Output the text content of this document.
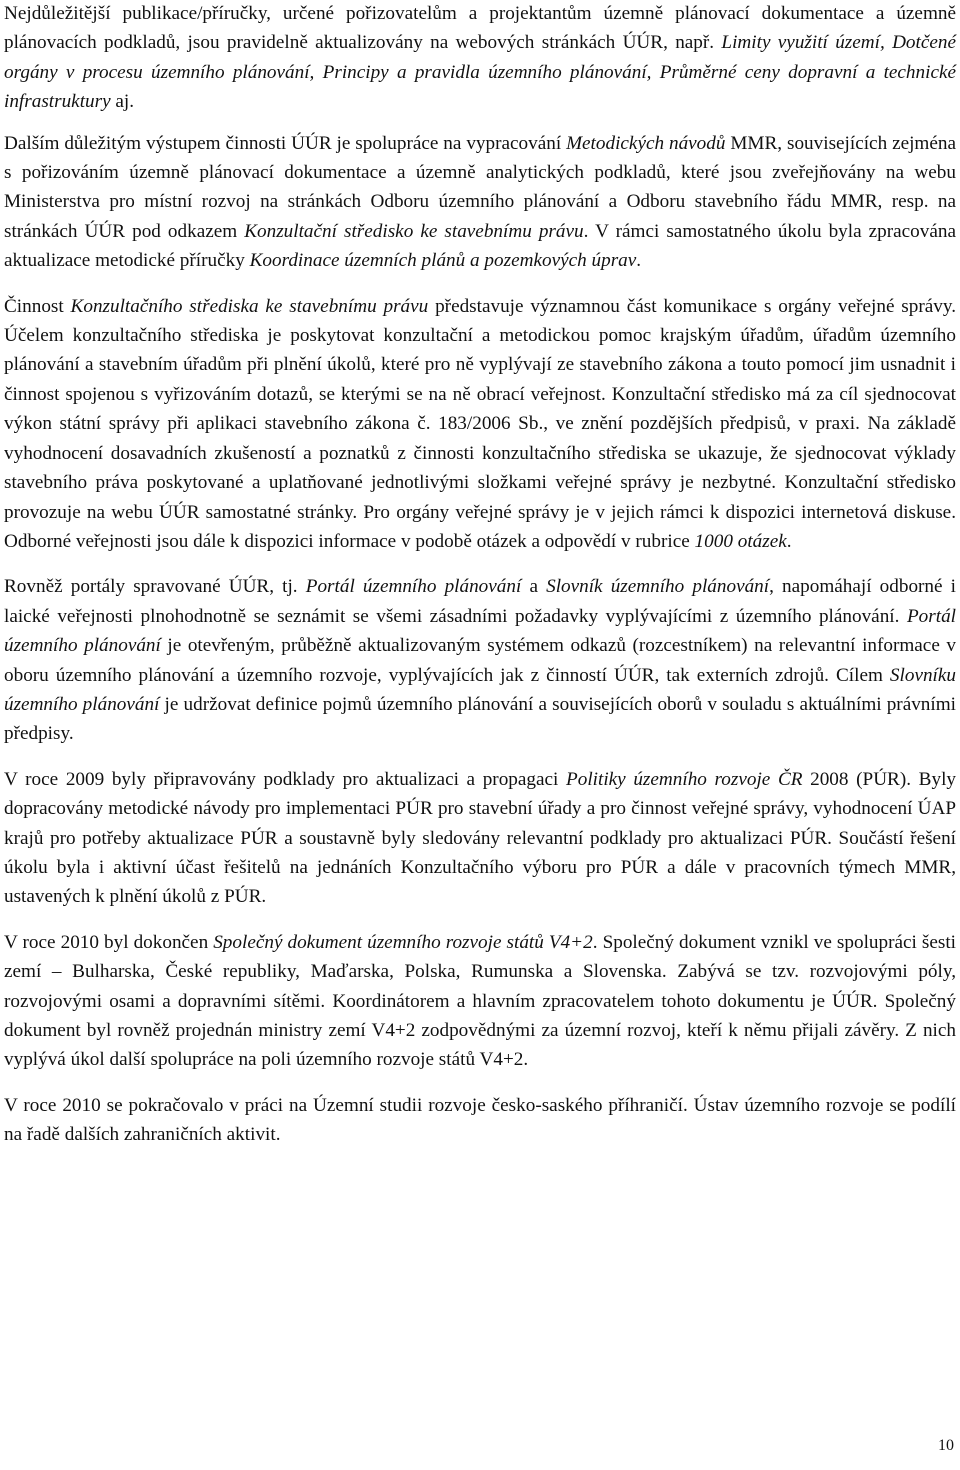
Nejdůležitější publikace/příručky, určené pořizovatelům a projektantům územně plánovací dokumentace a územně plánovacích podkladů, jsou pravidelně aktualizovány na webových stránkách ÚÚR, např. Limity využití území, Dotčené orgány v procesu územního plánování, Principy a pravidla územního plánování, Průměrné ceny dopravní a technické infrastruktury aj.

Dalším důležitým výstupem činnosti ÚÚR je spolupráce na vypracování Metodických návodů MMR, souvisejících zejména s pořizováním územně plánovací dokumentace a územně analytických podkladů, které jsou zveřejňovány na webu Ministerstva pro místní rozvoj na stránkách Odboru územního plánování a Odboru stavebního řádu MMR, resp. na stránkách ÚÚR pod odkazem Konzultační středisko ke stavebnímu právu. V rámci samostatného úkolu byla zpracována aktualizace metodické příručky Koordinace územních plánů a pozemkových úprav.

Činnost Konzultačního střediska ke stavebnímu právu představuje významnou část komunikace s orgány veřejné správy. Účelem konzultačního střediska je poskytovat konzultační a metodickou pomoc krajským úřadům, úřadům územního plánování a stavebním úřadům při plnění úkolů, které pro ně vyplývají ze stavebního zákona a touto pomocí jim usnadnit i činnost spojenou s vyřizováním dotazů, se kterými se na ně obrací veřejnost. Konzultační středisko má za cíl sjednocovat výkon státní správy při aplikaci stavebního zákona č. 183/2006 Sb., ve znění pozdějších předpisů, v praxi. Na základě vyhodnocení dosavadních zkušeností a poznatků z činnosti konzultačního střediska se ukazuje, že sjednocovat výklady stavebního práva poskytované a uplatňované jednotlivými složkami veřejné správy je nezbytné. Konzultační středisko provozuje na webu ÚÚR samostatné stránky. Pro orgány veřejné správy je v jejich rámci k dispozici internetová diskuse. Odborné veřejnosti jsou dále k dispozici informace v podobě otázek a odpovědí v rubrice 1000 otázek.

Rovněž portály spravované ÚÚR, tj. Portál územního plánování a Slovník územního plánování, napomáhají odborné i laické veřejnosti plnohodnotně se seznámit se všemi zásadními požadavky vyplývajícími z územního plánování. Portál územního plánování je otevřeným, průběžně aktualizovaným systémem odkazů (rozcestníkem) na relevantní informace v oboru územního plánování a územního rozvoje, vyplývajících jak z činností ÚÚR, tak externích zdrojů. Cílem Slovníku územního plánování je udržovat definice pojmů územního plánování a souvisejících oborů v souladu s aktuálními právními předpisy.

V roce 2009 byly připravovány podklady pro aktualizaci a propagaci Politiky územního rozvoje ČR 2008 (PÚR). Byly dopracovány metodické návody pro implementaci PÚR pro stavební úřady a pro činnost veřejné správy, vyhodnocení ÚAP krajů pro potřeby aktualizace PÚR a soustavně byly sledovány relevantní podklady pro aktualizaci PÚR. Součástí řešení úkolu byla i aktivní účast řešitelů na jednáních Konzultačního výboru pro PÚR a dále v pracovních týmech MMR, ustavených k plnění úkolů z PÚR.

V roce 2010 byl dokončen Společný dokument územního rozvoje států V4+2. Společný dokument vznikl ve spolupráci šesti zemí – Bulharska, České republiky, Maďarska, Polska, Rumunska a Slovenska. Zabývá se tzv. rozvojovými póly, rozvojovými osami a dopravními sítěmi. Koordinátorem a hlavním zpracovatelem tohoto dokumentu je ÚÚR. Společný dokument byl rovněž projednán ministry zemí V4+2 zodpovědnými za územní rozvoj, kteří k němu přijali závěry. Z nich vyplývá úkol další spolupráce na poli územního rozvoje států V4+2.

V roce 2010 se pokračovalo v práci na Územní studii rozvoje česko-saského příhraničí. Ústav územního rozvoje se podílí na řadě dalších zahraničních aktivit.

10
